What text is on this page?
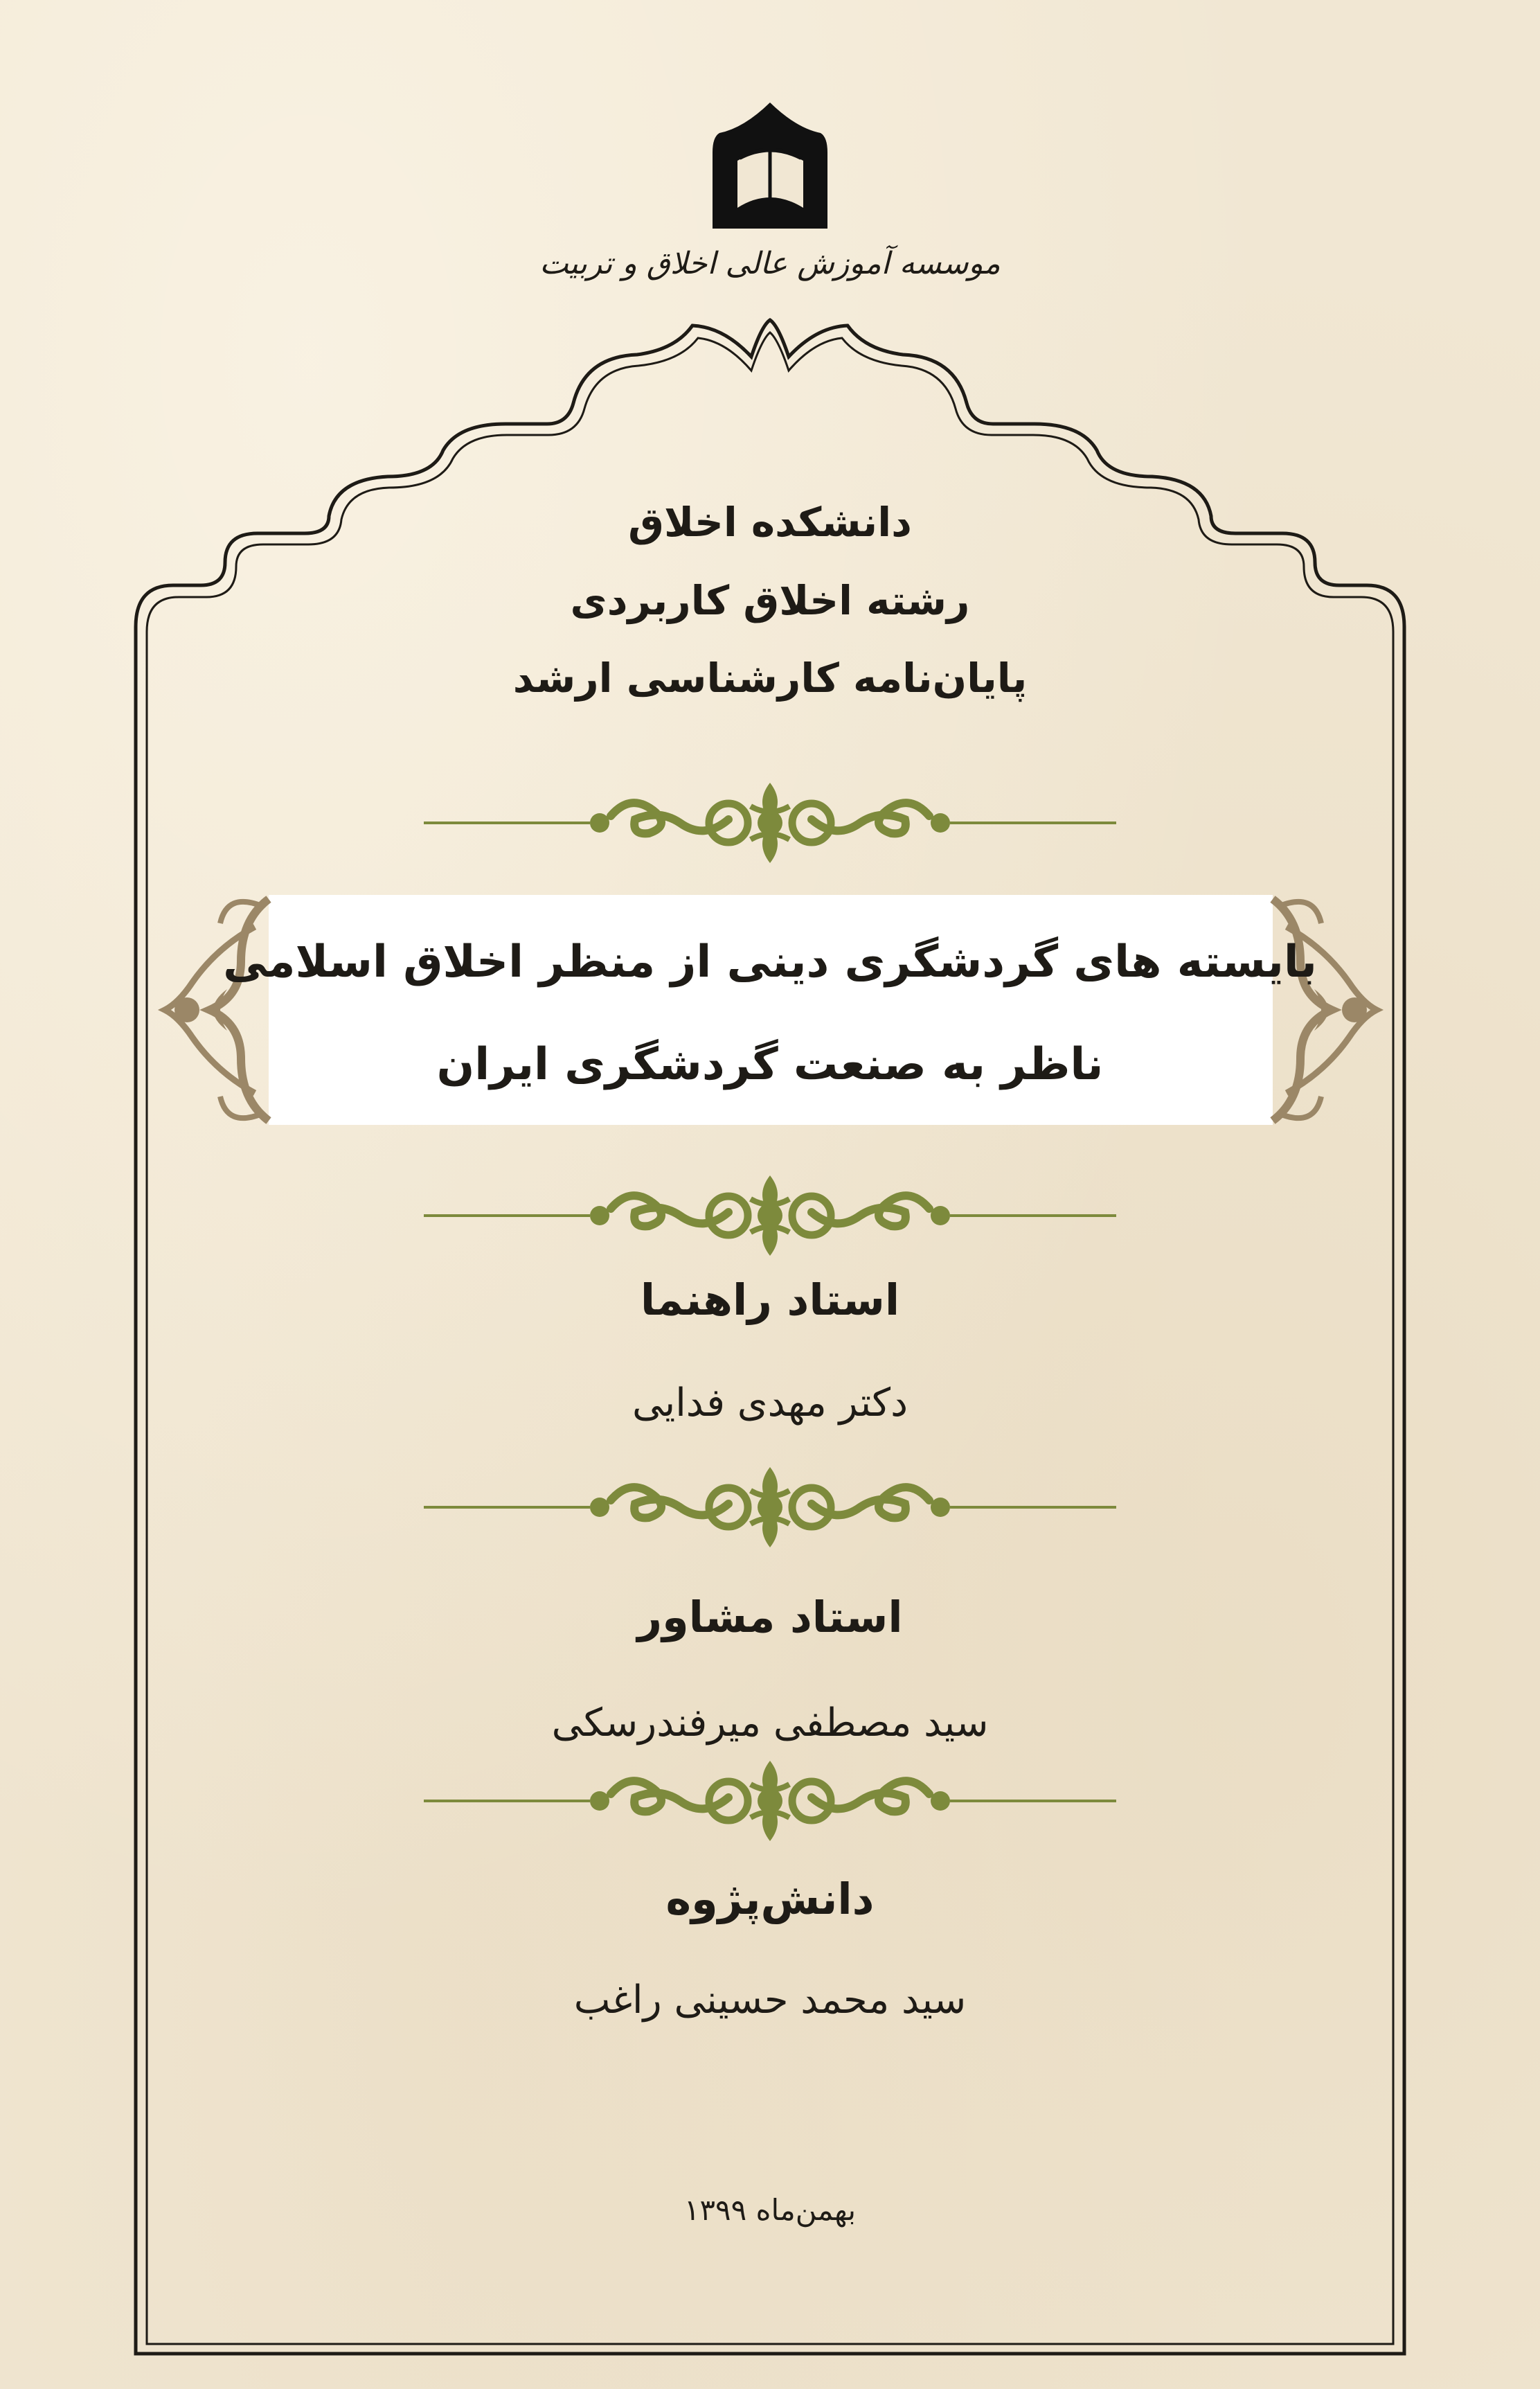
موسسه آموزش عالی اخلاق و تربیت
دانشکده اخلاق
رشته اخلاق کاربردی
پایان‌نامه کارشناسی ارشد
بایسته های گردشگری دینی از منظر اخلاق اسلامی
ناظر به صنعت گردشگری ایران
استاد راهنما
دکتر مهدی فدایی
استاد مشاور
سید مصطفی میرفندرسکی
دانش‌پژوه
سید محمد حسینی راغب
بهمن‌ماه ۱۳۹۹
